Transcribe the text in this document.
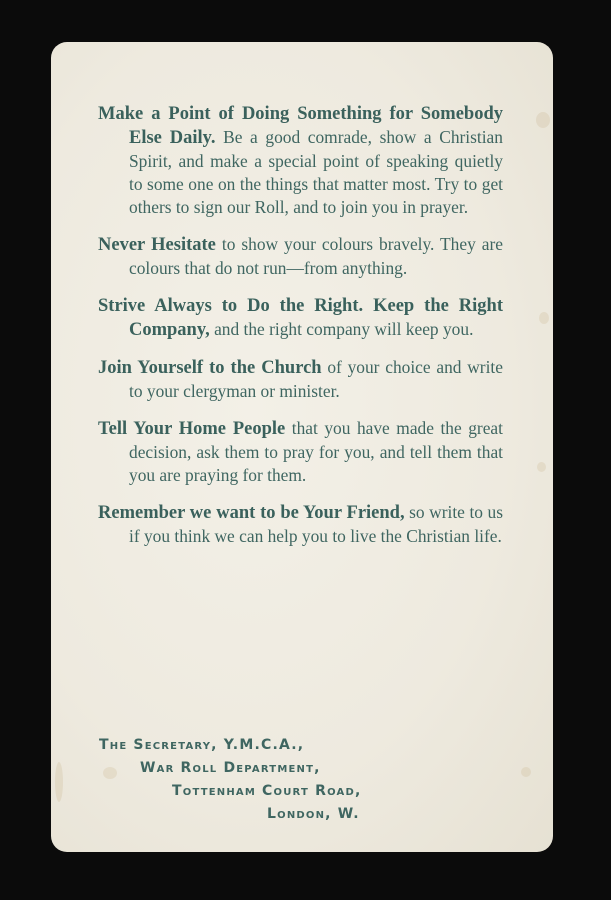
Make a Point of Doing Something for Somebody Else Daily. Be a good comrade, show a Christian Spirit, and make a special point of speaking quietly to some one on the things that matter most. Try to get others to sign our Roll, and to join you in prayer.

Never Hesitate to show your colours bravely. They are colours that do not run—from anything.

Strive Always to Do the Right. Keep the Right Company, and the right company will keep you.

Join Yourself to the Church of your choice and write to your clergyman or minister.

Tell Your Home People that you have made the great decision, ask them to pray for you, and tell them that you are praying for them.

Remember we want to be Your Friend, so write to us if you think we can help you to live the Christian life.

The Secretary, Y.M.C.A.,
War Roll Department,
Tottenham Court Road,
London, W.
